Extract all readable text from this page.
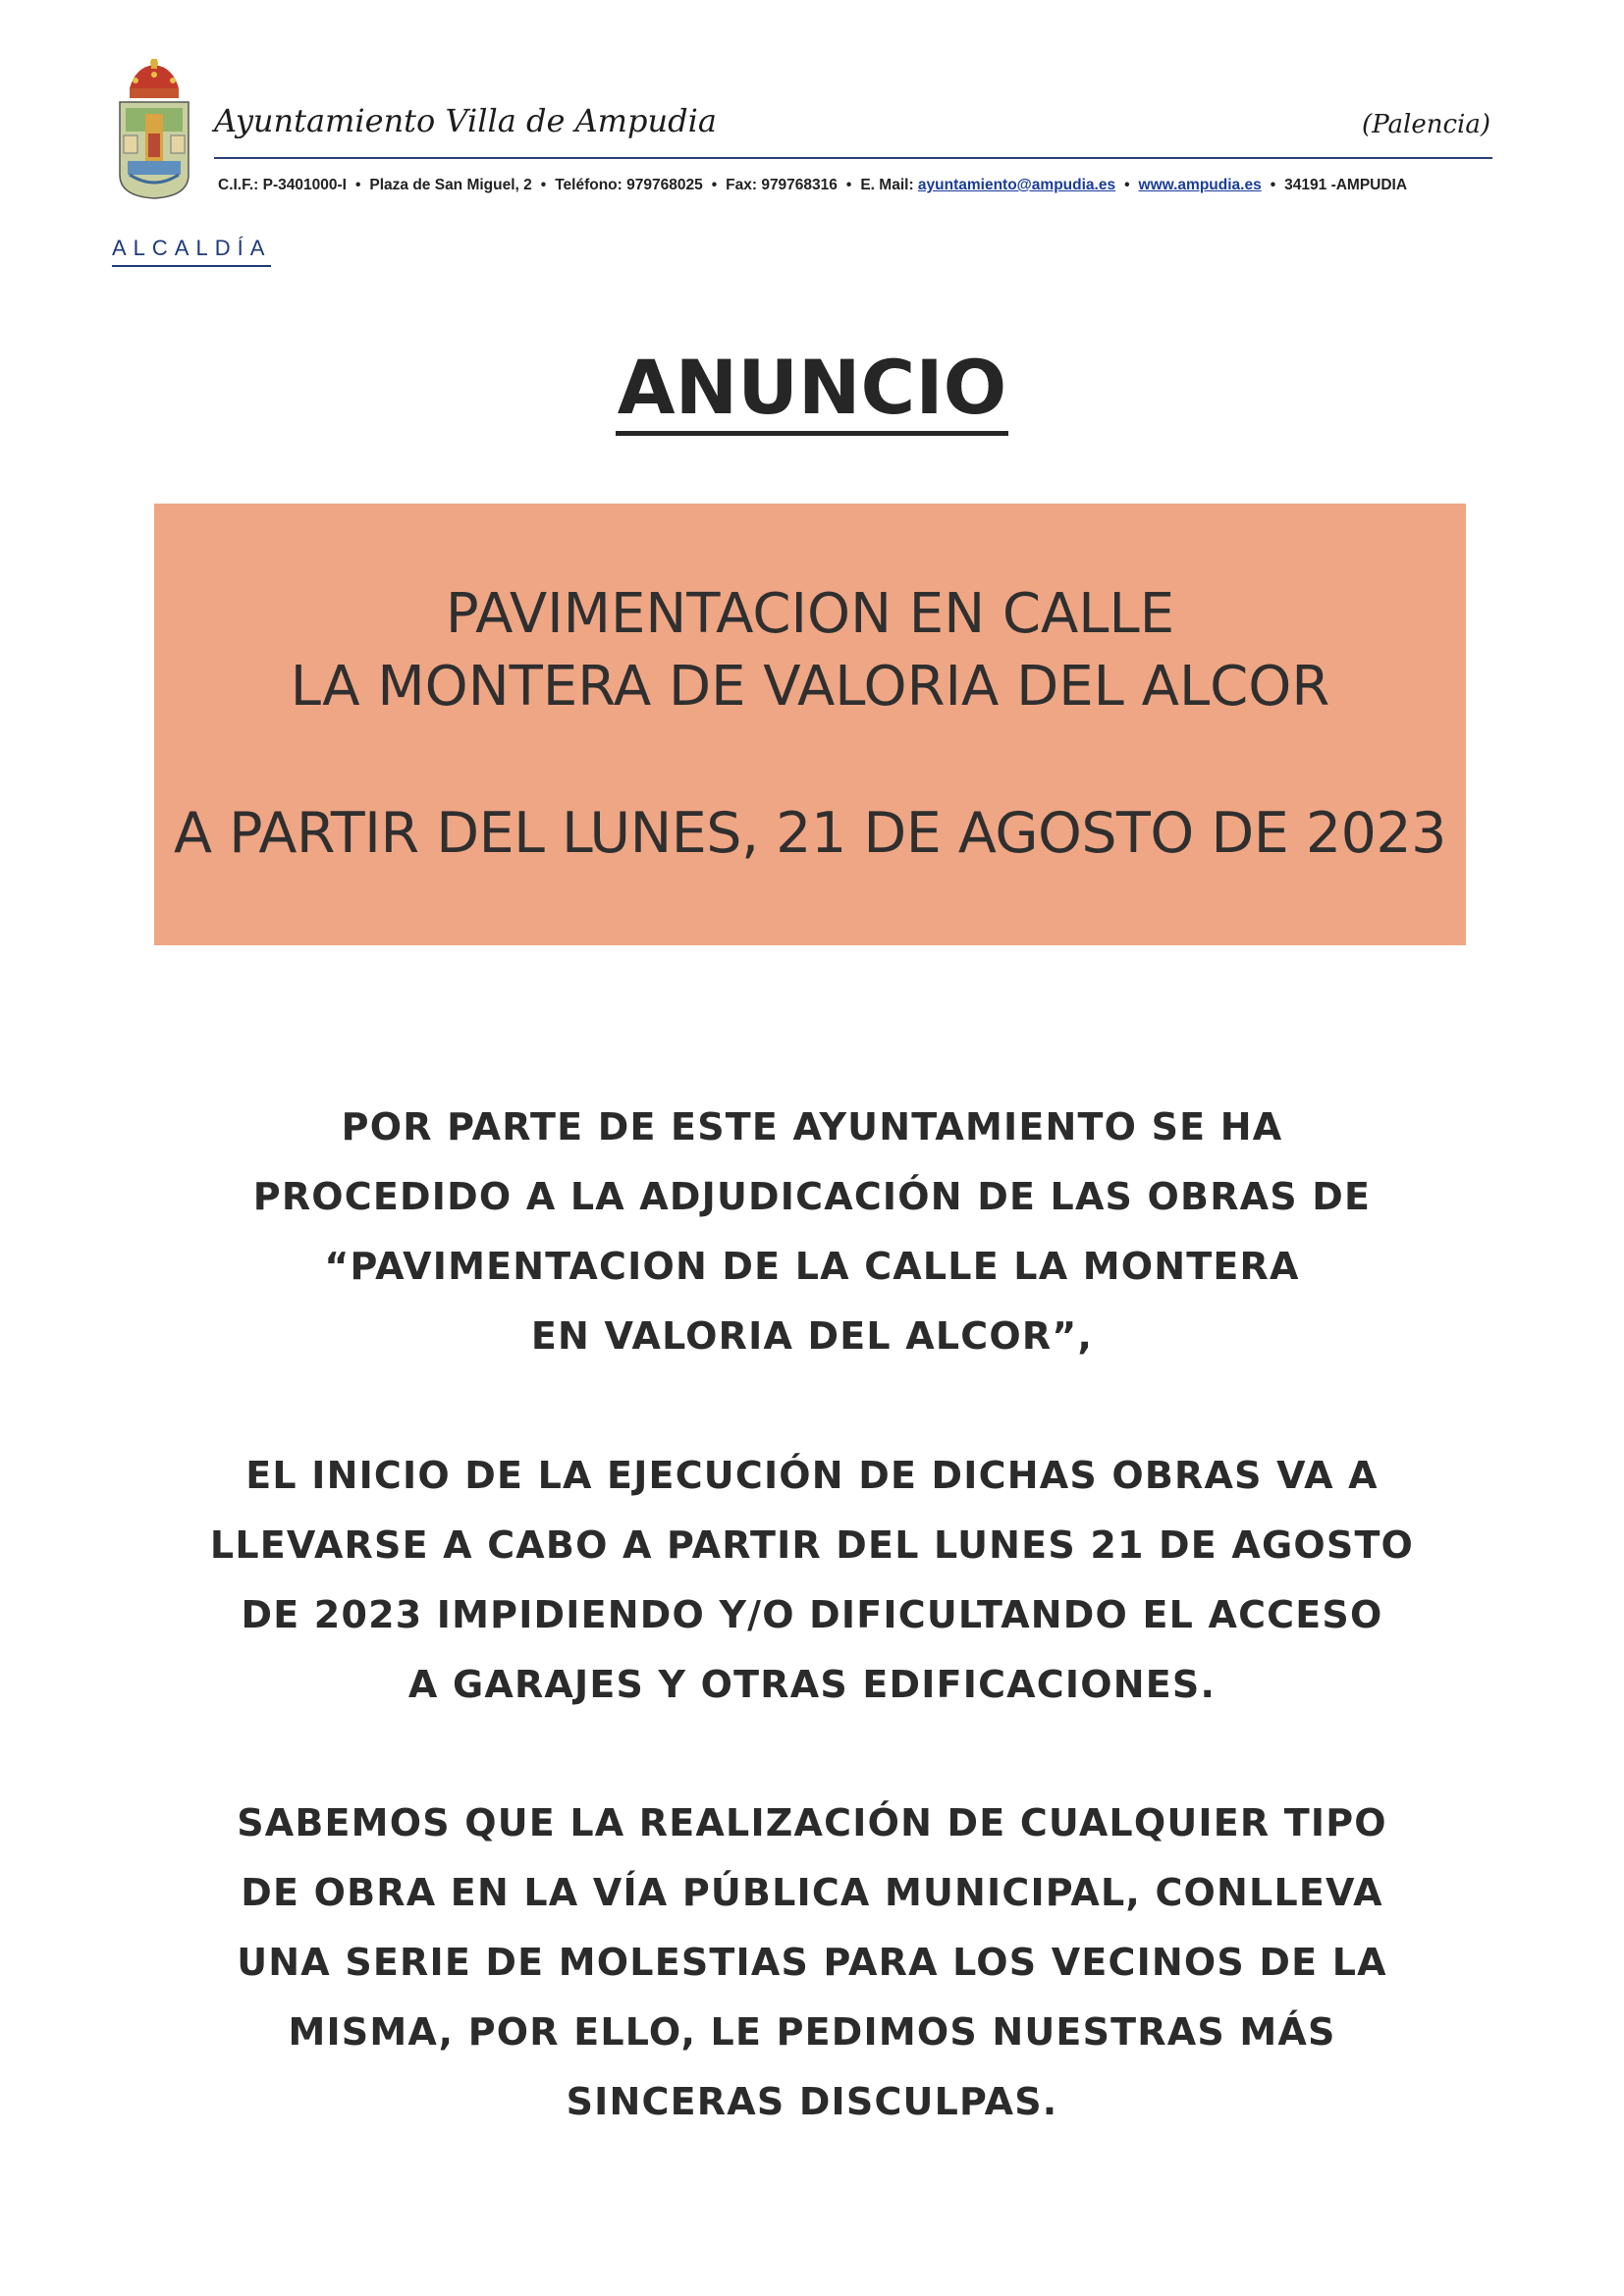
Ayuntamiento Villa de Ampudia	(Palencia)
C.I.F.: P-3401000-I • Plaza de San Miguel, 2 • Teléfono: 979768025 • Fax: 979768316 • E. Mail: ayuntamiento@ampudia.es • www.ampudia.es • 34191 -AMPUDIA
ALCALDÍA
ANUNCIO
PAVIMENTACION EN CALLE
LA MONTERA DE VALORIA DEL ALCOR
A PARTIR DEL LUNES, 21 DE AGOSTO DE 2023
POR PARTE DE ESTE AYUNTAMIENTO SE HA
PROCEDIDO A LA ADJUDICACIÓN DE LAS OBRAS DE
“PAVIMENTACION DE LA CALLE LA MONTERA
EN VALORIA DEL ALCOR”,
EL INICIO DE LA EJECUCIÓN DE DICHAS OBRAS VA A
LLEVARSE A CABO A PARTIR DEL LUNES 21 DE AGOSTO
DE 2023 IMPIDIENDO Y/O DIFICULTANDO EL ACCESO
A GARAJES Y OTRAS EDIFICACIONES.
SABEMOS QUE LA REALIZACIÓN DE CUALQUIER TIPO
DE OBRA EN LA VÍA PÚBLICA MUNICIPAL, CONLLEVA
UNA SERIE DE MOLESTIAS PARA LOS VECINOS DE LA
MISMA, POR ELLO, LE PEDIMOS NUESTRAS MÁS
SINCERAS DISCULPAS.
